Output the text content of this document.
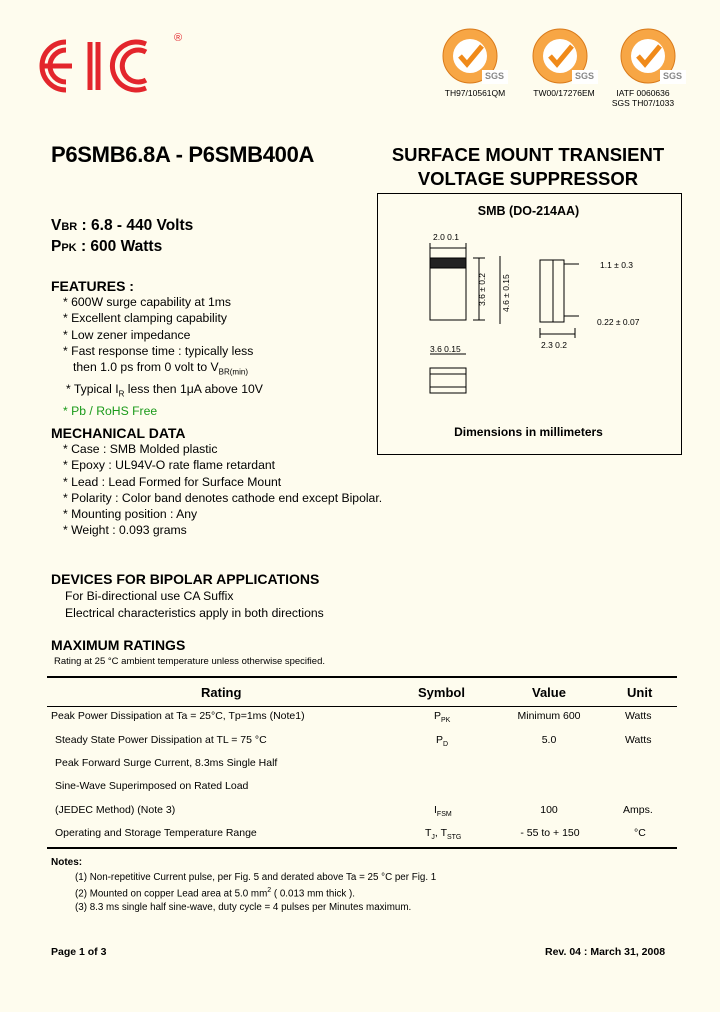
®
SGS
TH97/10561QM
SGS
TW00/17276EM
SGS
IATF 0060636
SGS TH07/1033
P6SMB6.8A - P6SMB400A	SURFACE MOUNT TRANSIENT
VOLTAGE SUPPRESSOR
VBR : 6.8 - 440 Volts
PPK : 600 Watts
FEATURES :
* 600W surge capability at 1ms
* Excellent clamping capability
* Low zener impedance
* Fast response time : typically less
then 1.0 ps from 0 volt to $V_{BR(min)}$
* Typical $I_R$ less then 1μA above 10V
* Pb / RoHS Free
SMB (DO-214AA)
2.0 0.1
3.6 ± 0.2 4.6 ± 0.15
1.1 ± 0.3
2.3 0.2
0.22 ± 0.07
3.6 0.15
Dimensions in millimeters
MECHANICAL DATA
* Case : SMB Molded plastic
* Epoxy : UL94V-O rate flame retardant
* Lead : Lead Formed for Surface Mount
* Polarity : Color band denotes cathode end except Bipolar.
* Mounting position : Any
* Weight : 0.093 grams
DEVICES FOR BIPOLAR APPLICATIONS
For Bi-directional use CA Suffix
Electrical characteristics apply in both directions
MAXIMUM RATINGS
Rating at 25 °C ambient temperature unless otherwise specified.
Rating	Symbol	Value	Unit
Peak Power Dissipation at Ta = 25°C, Tp=1ms (Note1)	$P_{PK}$	Minimum 600	Watts
Steady State Power Dissipation at TL = 75 °C	$P_D$	5.0	Watts
Peak Forward Surge Current, 8.3ms Single Half
Sine-Wave Superimposed on Rated Load
(JEDEC Method) (Note 3)	$I_{FSM}$	100	Amps.
Operating and Storage Temperature Range	$T_J$, $T_{STG}$	- 55 to + 150	°C
Notes:
(1) Non-repetitive Current pulse, per Fig. 5 and derated above Ta = 25 °C per Fig. 1
(2) Mounted on copper Lead area at 5.0 $mm^2$ ( 0.013 mm thick ).
(3) 8.3 ms single half sine-wave, duty cycle = 4 pulses per Minutes maximum.
Page 1 of 3	Rev. 04 : March 31, 2008
